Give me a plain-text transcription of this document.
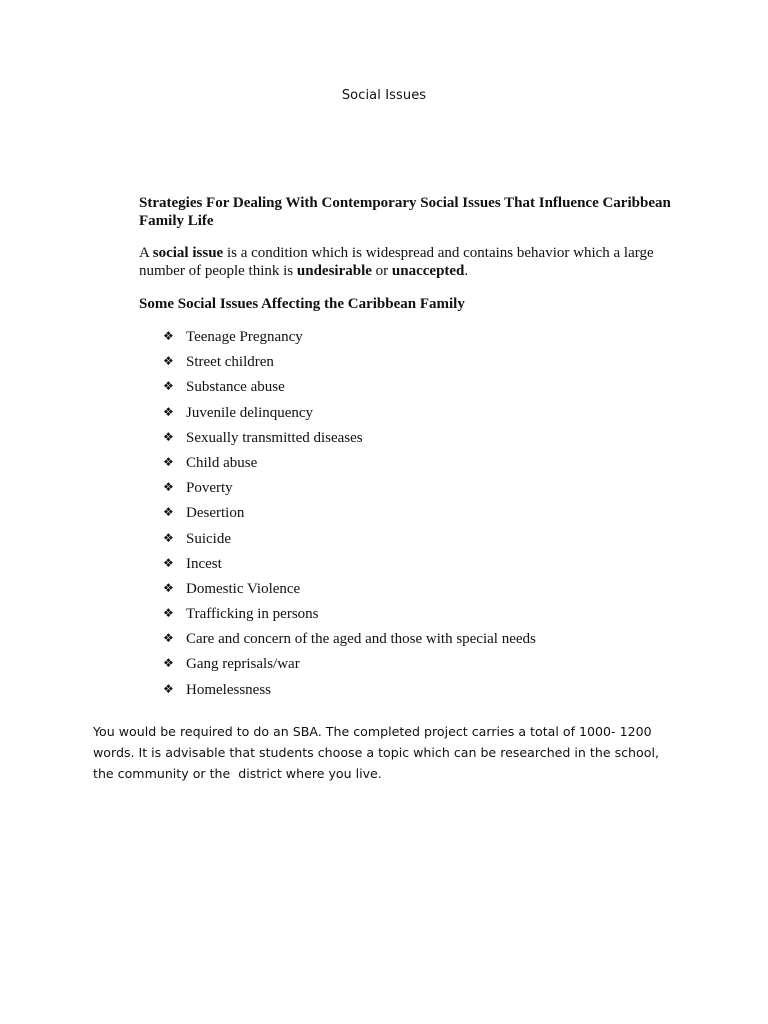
Social Issues
Strategies For Dealing With Contemporary Social Issues That Influence Caribbean Family Life
A social issue is a condition which is widespread and contains behavior which a large number of people think is undesirable or unaccepted.
Some Social Issues Affecting the Caribbean Family
❖ Teenage Pregnancy
❖ Street children
❖ Substance abuse
❖ Juvenile delinquency
❖ Sexually transmitted diseases
❖ Child abuse
❖ Poverty
❖ Desertion
❖ Suicide
❖ Incest
❖ Domestic Violence
❖ Trafficking in persons
❖ Care and concern of the aged and those with special needs
❖ Gang reprisals/war
❖ Homelessness
You would be required to do an SBA. The completed project carries a total of 1000- 1200 words. It is advisable that students choose a topic which can be researched in the school, the community or the  district where you live.
